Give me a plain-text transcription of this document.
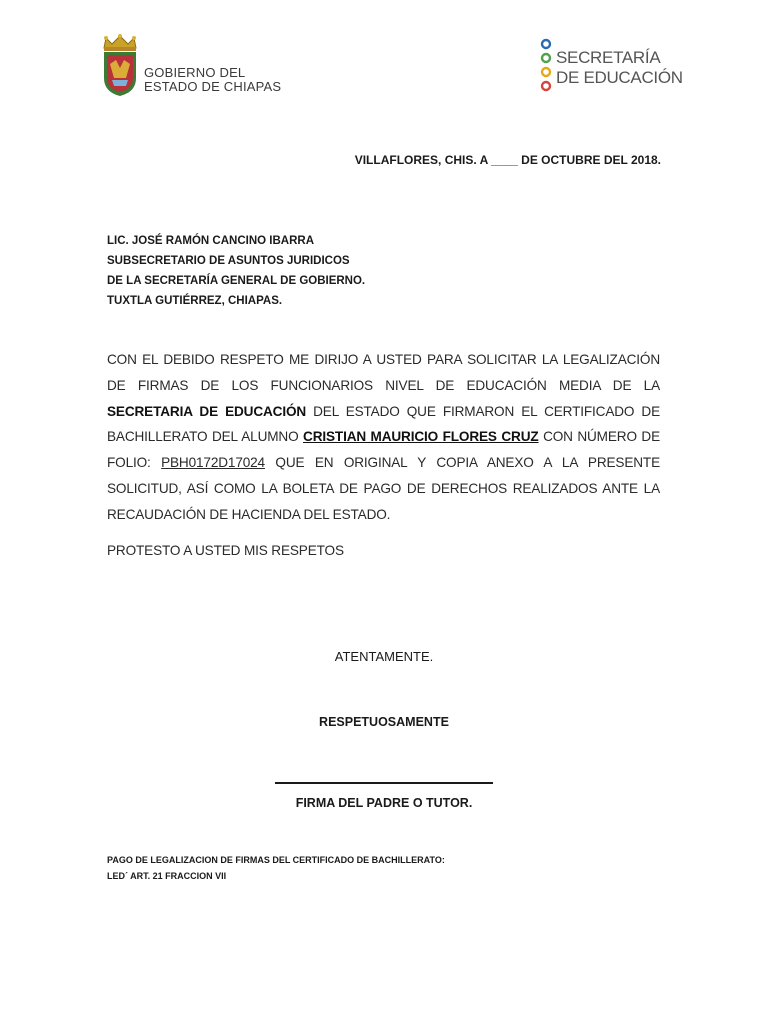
GOBIERNO DEL
ESTADO DE CHIAPAS
SECRETARÍA
DE EDUCACIÓN
VILLAFLORES, CHIS. A ____ DE OCTUBRE DEL 2018.
LIC. JOSÉ RAMÓN CANCINO IBARRA
SUBSECRETARIO DE ASUNTOS JURIDICOS
DE LA SECRETARÍA GENERAL DE GOBIERNO.
TUXTLA GUTIÉRREZ, CHIAPAS.
CON EL DEBIDO RESPETO ME DIRIJO A USTED PARA SOLICITAR LA LEGALIZACIÓN DE FIRMAS DE LOS FUNCIONARIOS NIVEL DE EDUCACIÓN MEDIA DE LA SECRETARIA DE EDUCACIÓN DEL ESTADO QUE FIRMARON EL CERTIFICADO DE BACHILLERATO DEL ALUMNO CRISTIAN MAURICIO FLORES CRUZ CON NÚMERO DE FOLIO: PBH0172D17024 QUE EN ORIGINAL Y COPIA ANEXO A LA PRESENTE SOLICITUD, ASÍ COMO LA BOLETA DE PAGO DE DERECHOS REALIZADOS ANTE LA RECAUDACIÓN DE HACIENDA DEL ESTADO.
PROTESTO A USTED MIS RESPETOS
ATENTAMENTE.
RESPETUOSAMENTE
FIRMA DEL PADRE O TUTOR.
PAGO DE LEGALIZACION DE FIRMAS DEL CERTIFICADO DE BACHILLERATO:
LED´ ART. 21 FRACCION VII
